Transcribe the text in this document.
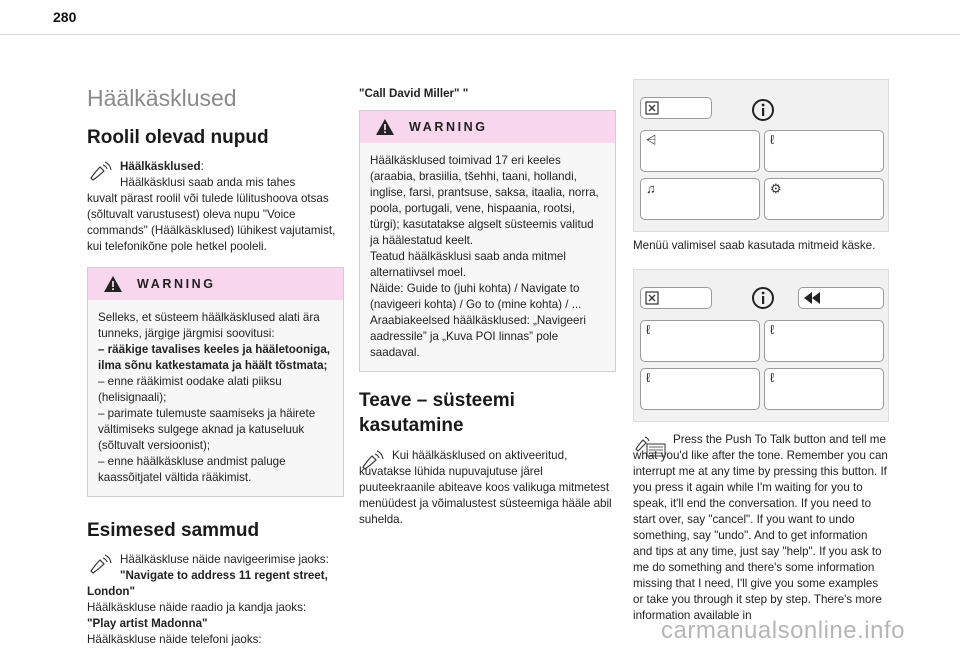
280
Häälkäsklused
Roolil olevad nupud
Häälkäsklused:
Häälkäsklusi saab anda mis tahes
kuvalt pärast roolil või tulede lülitushoova otsas (sõltuvalt varustusest) oleva nupu "Voice commands" (Häälkäsklused) lühikest vajutamist, kui telefonikõne pole hetkel pooleli.
WARNING
Selleks, et süsteem häälkäsklused alati ära tunneks, järgige järgmisi soovitusi:
– rääkige tavalises keeles ja hääletooniga, ilma sõnu katkestamata ja häält tõstmata;
– enne rääkimist oodake alati piiksu (helisignaali);
– parimate tulemuste saamiseks ja häirete vältimiseks sulgege aknad ja katuseluuk (sõltuvalt versioonist);
– enne häälkäskluse andmist paluge kaassõitjatel vältida rääkimist.
Esimesed sammud
Häälkäskluse näide navigeerimise jaoks:
"Navigate to address 11 regent street,
London"
Häälkäskluse näide raadio ja kandja jaoks:
"Play artist Madonna"
Häälkäskluse näide telefoni jaoks:
"Call David Miller" "
WARNING
Häälkäsklused toimivad 17 eri keeles (araabia, brasiilia, tšehhi, taani, hollandi, inglise, farsi, prantsuse, saksa, itaalia, norra, poola, portugali, vene, hispaania, rootsi, türgi); kasutatakse algselt süsteemis valitud ja häälestatud keelt.
Teatud häälkäsklusi saab anda mitmel alternatiivsel moel.
Näide: Guide to (juhi kohta) / Navigate to (navigeeri kohta) / Go to (mine kohta) / ... Araabiakeelsed häälkäsklused: „Navigeeri aadressile” ja „Kuva POI linnas” pole saadaval.
Teave – süsteemi
kasutamine
Kui häälkäsklused on aktiveeritud,
kuvatakse lühida nupuvajutuse järel puuteekraanile abiteave koos valikuga mitmetest menüüdest ja võimalustest süsteemiga hääle abil suhelda.
⩤	ℓ
♫	⚙
Menüü valimisel saab kasutada mitmeid käske.
ℓ	ℓ
ℓ	ℓ
Press the Push To Talk button and tell me
what you'd like after the tone. Remember you can interrupt me at any time by pressing this button. If you press it again while I'm waiting for you to speak, it'll end the conversation. If you need to start over, say "cancel". If you want to undo something, say "undo". And to get information and tips at any time, just say "help". If you ask to me do something and there's some information missing that I need, I'll give you some examples or take you through it step by step. There's more information available in
carmanualsonline.info
